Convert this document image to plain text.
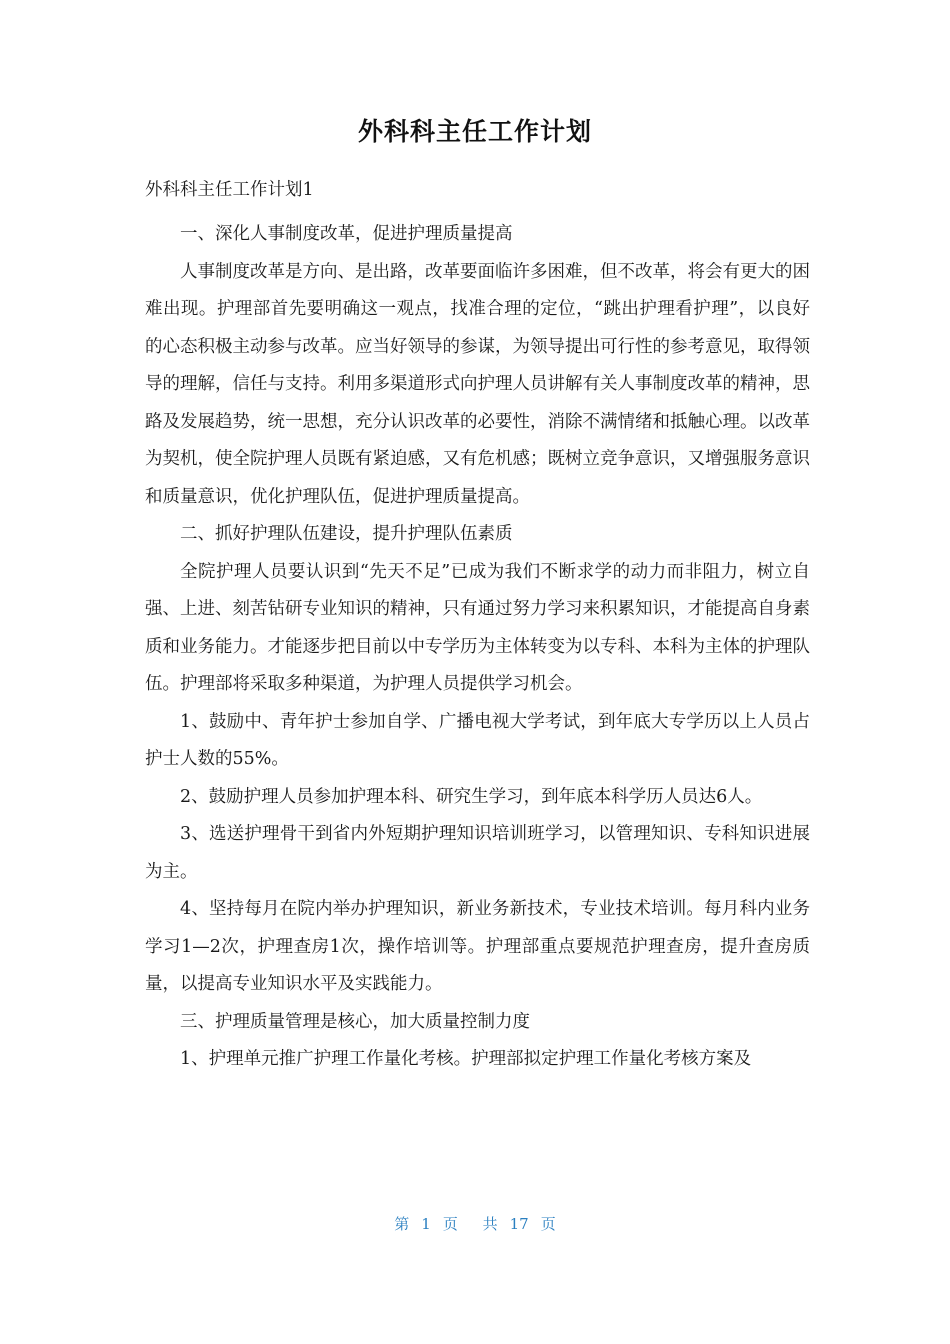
外科科主任工作计划
外科科主任工作计划1

一、深化人事制度改革，促进护理质量提高

人事制度改革是方向、是出路，改革要面临许多困难，但不改革，将会有更大的困难出现。护理部首先要明确这一观点，找准合理的定位，“跳出护理看护理”，以良好的心态积极主动参与改革。应当好领导的参谋，为领导提出可行性的参考意见，取得领导的理解，信任与支持。利用多渠道形式向护理人员讲解有关人事制度改革的精神，思路及发展趋势，统一思想，充分认识改革的必要性，消除不满情绪和抵触心理。以改革为契机，使全院护理人员既有紧迫感，又有危机感；既树立竞争意识，又增强服务意识和质量意识，优化护理队伍，促进护理质量提高。

二、抓好护理队伍建设，提升护理队伍素质

全院护理人员要认识到“先天不足”已成为我们不断求学的动力而非阻力，树立自强、上进、刻苦钻研专业知识的精神，只有通过努力学习来积累知识，才能提高自身素质和业务能力。才能逐步把目前以中专学历为主体转变为以专科、本科为主体的护理队伍。护理部将采取多种渠道，为护理人员提供学习机会。

1、鼓励中、青年护士参加自学、广播电视大学考试，到年底大专学历以上人员占护士人数的55%。

2、鼓励护理人员参加护理本科、研究生学习，到年底本科学历人员达6人。

3、选送护理骨干到省内外短期护理知识培训班学习，以管理知识、专科知识进展为主。

4、坚持每月在院内举办护理知识，新业务新技术，专业技术培训。每月科内业务学习1—2次，护理查房1次，操作培训等。护理部重点要规范护理查房，提升查房质量，以提高专业知识水平及实践能力。

三、护理质量管理是核心，加大质量控制力度

1、护理单元推广护理工作量化考核。护理部拟定护理工作量化考核方案及

第 1 页 共 17 页
